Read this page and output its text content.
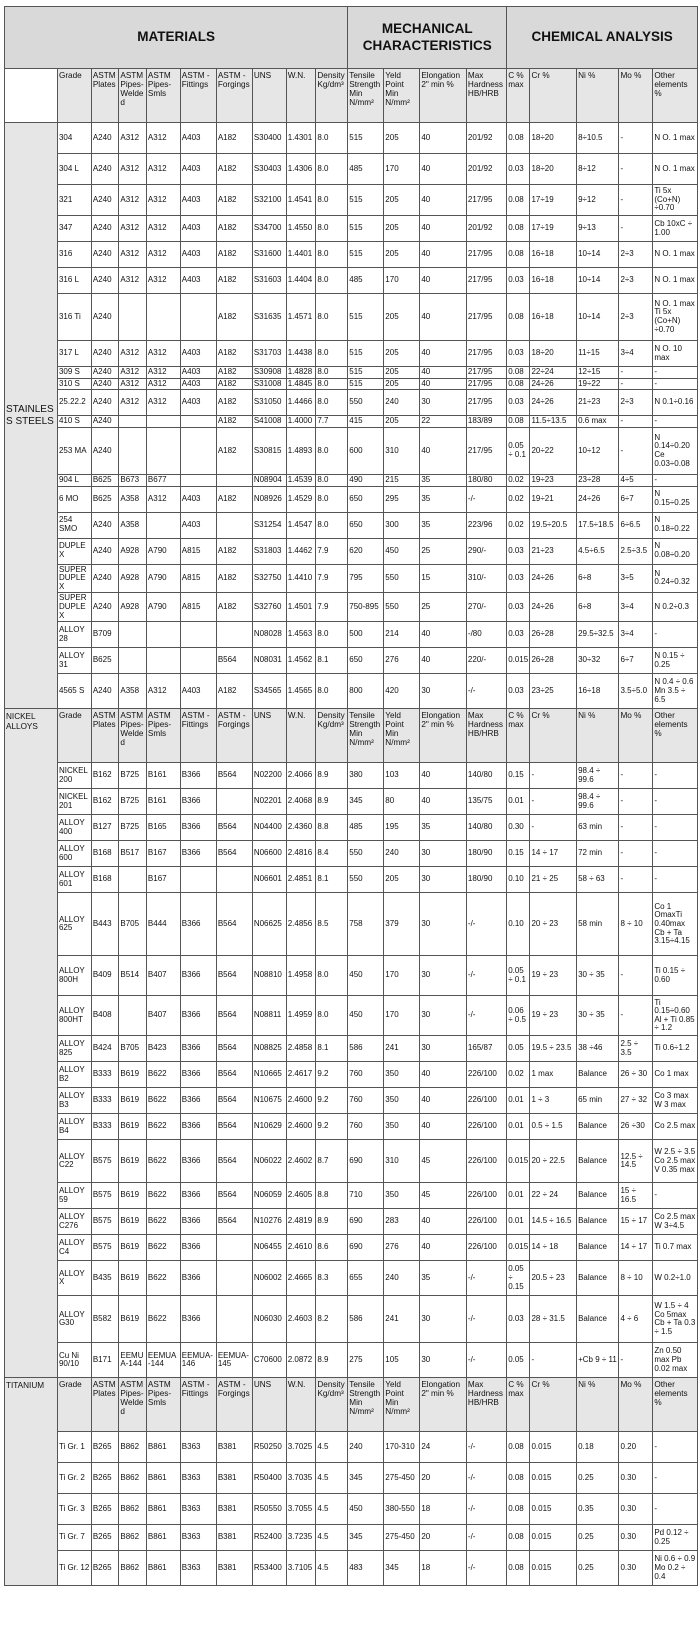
MATERIALS										MECHANICAL CHARACTERISTICS				CHEMICAL ANALYSIS				
	Grade	ASTM Plates	ASTM Pipes-Welded	ASTM Pipes-Smls	ASTM - Fittings	ASTM - Forgings	UNS	W.N.	Density Kg/dm³	Tensile Strength Min N/mm²	Yeld Point Min N/mm²	Elongation 2" min %	Max Hardness HB/HRB	C % max	Cr %	Ni %	Mo %	Other elements %
STAINLESS STEELS	304	A240	A312	A312	A403	A182	S30400	1.4301	8.0	515	205	40	201/92	0.08	18÷20	8÷10.5	-	N O. 1 max
	304 L	A240	A312	A312	A403	A182	S30403	1.4306	8.0	485	170	40	201/92	0.03	18÷20	8÷12	-	N O. 1 max
	321	A240	A312	A312	A403	A182	S32100	1.4541	8.0	515	205	40	217/95	0.08	17÷19	9÷12	-	Ti 5x (Co+N) ÷0.70
	347	A240	A312	A312	A403	A182	S34700	1.4550	8.0	515	205	40	201/92	0.08	17÷19	9÷13	-	Cb 10xC ÷ 1.00
	316	A240	A312	A312	A403	A182	S31600	1.4401	8.0	515	205	40	217/95	0.08	16÷18	10÷14	2÷3	N O. 1 max
	316 L	A240	A312	A312	A403	A182	S31603	1.4404	8.0	485	170	40	217/95	0.03	16÷18	10÷14	2÷3	N O. 1 max
	316 Ti	A240				A182	S31635	1.4571	8.0	515	205	40	217/95	0.08	16÷18	10÷14	2÷3	N O. 1 max Ti 5x (Co+N) ÷0.70
	317 L	A240	A312	A312	A403	A182	S31703	1.4438	8.0	515	205	40	217/95	0.03	18÷20	11÷15	3÷4	N O. 10 max
	309 S	A240	A312	A312	A403	A182	S30908	1.4828	8.0	515	205	40	217/95	0.08	22÷24	12÷15	-	-
	310 S	A240	A312	A312	A403	A182	S31008	1.4845	8.0	515	205	40	217/95	0.08	24÷26	19÷22	-	-
	25.22.2	A240	A312	A312	A403	A182	S31050	1.4466	8.0	550	240	30	217/95	0.03	24÷26	21÷23	2÷3	N 0.1÷0.16
	410 S	A240				A182	S41008	1.4000	7.7	415	205	22	183/89	0.08	11.5÷13.5	0.6 max	-	-
	253 MA	A240				A182	S30815	1.4893	8.0	600	310	40	217/95	0.05 ÷ 0.1	20÷22	10÷12	-	N 0.14÷0.20 Ce 0.03÷0.08
	904 L	B625	B673	B677			N08904	1.4539	8.0	490	215	35	180/80	0.02	19÷23	23÷28	4÷5	-
	6 MO	B625	A358	A312	A403	A182	N08926	1.4529	8.0	650	295	35	-/-	0.02	19÷21	24÷26	6÷7	N 0.15÷0.25
	254 SMO	A240	A358		A403		S31254	1.4547	8.0	650	300	35	223/96	0.02	19.5÷20.5	17.5÷18.5	6÷6.5	N 0.18÷0.22
	DUPLEX	A240	A928	A790	A815	A182	S31803	1.4462	7.9	620	450	25	290/-	0.03	21÷23	4.5÷6.5	2.5÷3.5	N 0.08÷0.20
	SUPER DUPLEX	A240	A928	A790	A815	A182	S32750	1.4410	7.9	795	550	15	310/-	0.03	24÷26	6÷8	3÷5	N 0.24÷0.32
	SUPER DUPLEX	A240	A928	A790	A815	A182	S32760	1.4501	7.9	750-895	550	25	270/-	0.03	24÷26	6÷8	3÷4	N 0.2÷0.3
	ALLOY 28	B709					N08028	1.4563	8.0	500	214	40	-/80	0.03	26÷28	29.5÷32.5	3÷4	-
	ALLOY 31	B625				B564	N08031	1.4562	8.1	650	276	40	220/-	0.015	26÷28	30÷32	6÷7	N 0.15 ÷ 0.25
	4565 S	A240	A358	A312	A403	A182	S34565	1.4565	8.0	800	420	30	-/-	0.03	23÷25	16÷18	3.5÷5.0	N 0.4 ÷ 0.6 Mn 3.5 ÷ 6.5
NICKEL ALLOYS	Grade	ASTM Plates	ASTM Pipes-Welded	ASTM Pipes-Smls	ASTM - Fittings	ASTM - Forgings	UNS	W.N.	Density Kg/dm³	Tensile Strength Min N/mm²	Yeld Point Min N/mm²	Elongation 2" min %	Max Hardness HB/HRB	C % max	Cr %	Ni %	Mo %	Other elements %
	NICKEL 200	B162	B725	B161	B366	B564	N02200	2.4066	8.9	380	103	40	140/80	0.15	-	98.4 ÷ 99.6	-	-
	NICKEL 201	B162	B725	B161	B366		N02201	2.4068	8.9	345	80	40	135/75	0.01	-	98.4 ÷ 99.6	-	-
	ALLOY 400	B127	B725	B165	B366	B564	N04400	2.4360	8.8	485	195	35	140/80	0.30	-	63 min	-	-
	ALLOY 600	B168	B517	B167	B366	B564	N06600	2.4816	8.4	550	240	30	180/90	0.15	14 ÷ 17	72 min	-	-
	ALLOY 601	B168		B167			N06601	2.4851	8.1	550	205	30	180/90	0.10	21 ÷ 25	58 ÷ 63	-	-
	ALLOY 625	B443	B705	B444	B366	B564	N06625	2.4856	8.5	758	379	30	-/-	0.10	20 ÷ 23	58 min	8 ÷ 10	Co 1 OmaxTi 0.40max Cb + Ta 3.15÷4.15
	ALLOY 800H	B409	B514	B407	B366	B564	N08810	1.4958	8.0	450	170	30	-/-	0.05 ÷ 0.1	19 ÷ 23	30 ÷ 35	-	Ti 0.15 ÷ 0.60
	ALLOY 800HT	B408		B407	B366	B564	N08811	1.4959	8.0	450	170	30	-/-	0.06 ÷ 0.5	19 ÷ 23	30 ÷ 35	-	Ti 0.15÷0.60 Al + Ti 0.85 ÷ 1.2
	ALLOY 825	B424	B705	B423	B366	B564	N08825	2.4858	8.1	586	241	30	165/87	0.05	19.5 ÷ 23.5	38 ÷46	2.5 ÷ 3.5	Ti 0.6÷1.2
	ALLOY B2	B333	B619	B622	B366	B564	N10665	2.4617	9.2	760	350	40	226/100	0.02	1 max	Balance	26 ÷ 30	Co 1 max
	ALLOY B3	B333	B619	B622	B366	B564	N10675	2.4600	9.2	760	350	40	226/100	0.01	1 ÷ 3	65 min	27 ÷ 32	Co 3 max W 3 max
	ALLOY B4	B333	B619	B622	B366	B564	N10629	2.4600	9.2	760	350	40	226/100	0.01	0.5 ÷ 1.5	Balance	26 ÷30	Co 2.5 max
	ALLOY C22	B575	B619	B622	B366	B564	N06022	2.4602	8.7	690	310	45	226/100	0.015	20 ÷ 22.5	Balance	12.5 ÷ 14.5	W 2.5 ÷ 3.5 Co 2.5 max V 0.35 max
	ALLOY 59	B575	B619	B622	B366	B564	N06059	2.4605	8.8	710	350	45	226/100	0.01	22 ÷ 24	Balance	15 ÷ 16.5	-
	ALLOY C276	B575	B619	B622	B366	B564	N10276	2.4819	8.9	690	283	40	226/100	0.01	14.5 ÷ 16.5	Balance	15 ÷ 17	Co 2.5 max W 3÷4.5
	ALLOY C4	B575	B619	B622	B366		N06455	2.4610	8.6	690	276	40	226/100	0.015	14 ÷ 18	Balance	14 ÷ 17	Ti 0.7 max
	ALLOY X	B435	B619	B622	B366		N06002	2.4665	8.3	655	240	35	-/-	0.05 ÷ 0.15	20.5 ÷ 23	Balance	8 ÷ 10	W 0.2÷1.0
	ALLOY G30	B582	B619	B622	B366		N06030	2.4603	8.2	586	241	30	-/-	0.03	28 ÷ 31.5	Balance	4 ÷ 6	W 1.5 ÷ 4 Co 5max Cb + Ta 0.3 ÷ 1.5
	Cu Ni 90/10	B171	EEMUA-144	EEMUA-144	EEMUA-146	EEMUA-145	C70600	2.0872	8.9	275	105	30	-/-	0.05	-	+Cb 9 ÷ 11	-	Zn 0.50 max Pb 0.02 max
TITANIUM	Grade	ASTM Plates	ASTM Pipes-Welded	ASTM Pipes-Smls	ASTM - Fittings	ASTM - Forgings	UNS	W.N.	Density Kg/dm³	Tensile Strength Min N/mm²	Yeld Point Min N/mm²	Elongation 2" min %	Max Hardness HB/HRB	C % max	Cr %	Ni %	Mo %	Other elements %
	Ti Gr. 1	B265	B862	B861	B363	B381	R50250	3.7025	4.5	240	170-310	24	-/-	0.08	0.015	0.18	0.20	-
	Ti Gr. 2	B265	B862	B861	B363	B381	R50400	3.7035	4.5	345	275-450	20	-/-	0.08	0.015	0.25	0.30	-
	Ti Gr. 3	B265	B862	B861	B363	B381	R50550	3.7055	4.5	450	380-550	18	-/-	0.08	0.015	0.35	0.30	-
	Ti Gr. 7	B265	B862	B861	B363	B381	R52400	3.7235	4.5	345	275-450	20	-/-	0.08	0.015	0.25	0.30	Pd 0.12 ÷ 0.25
	Ti Gr. 12	B265	B862	B861	B363	B381	R53400	3.7105	4.5	483	345	18	-/-	0.08	0.015	0.25	0.30	Ni 0.6 ÷ 0.9 Mo 0.2 ÷ 0.4
